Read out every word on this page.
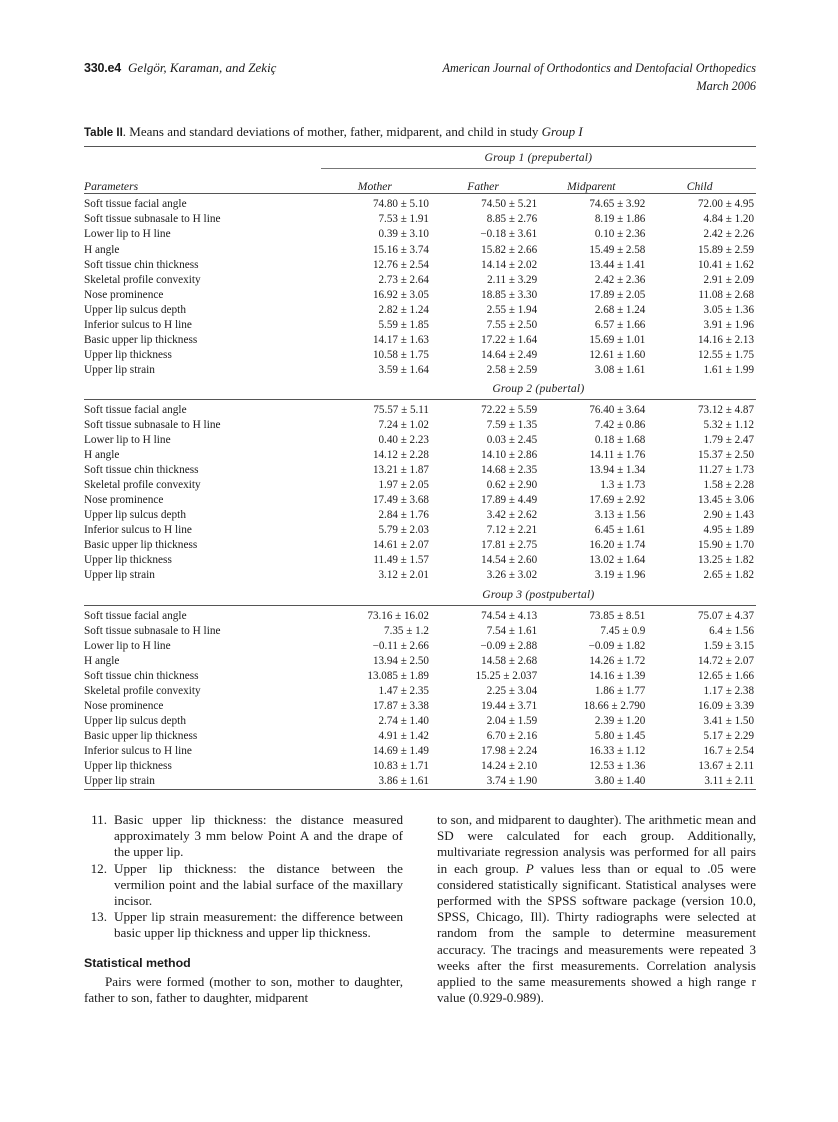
330.e4 Gelgör, Karaman, and Zekiç	American Journal of Orthodontics and Dentofacial Orthopedics
March 2006
Table II. Means and standard deviations of mother, father, midparent, and child in study Group I
	Group 1 (prepubertal)			
Parameters	Mother	Father	Midparent	Child

Soft tissue facial angle	74.80 ± 5.10	74.50 ± 5.21	74.65 ± 3.92	72.00 ± 4.95
Soft tissue subnasale to H line	7.53 ± 1.91	8.85 ± 2.76	8.19 ± 1.86	4.84 ± 1.20
Lower lip to H line	0.39 ± 3.10	−0.18 ± 3.61	0.10 ± 2.36	2.42 ± 2.26
H angle	15.16 ± 3.74	15.82 ± 2.66	15.49 ± 2.58	15.89 ± 2.59
Soft tissue chin thickness	12.76 ± 2.54	14.14 ± 2.02	13.44 ± 1.41	10.41 ± 1.62
Skeletal profile convexity	2.73 ± 2.64	2.11 ± 3.29	2.42 ± 2.36	2.91 ± 2.09
Nose prominence	16.92 ± 3.05	18.85 ± 3.30	17.89 ± 2.05	11.08 ± 2.68
Upper lip sulcus depth	2.82 ± 1.24	2.55 ± 1.94	2.68 ± 1.24	3.05 ± 1.36
Inferior sulcus to H line	5.59 ± 1.85	7.55 ± 2.50	6.57 ± 1.66	3.91 ± 1.96
Basic upper lip thickness	14.17 ± 1.63	17.22 ± 1.64	15.69 ± 1.01	14.16 ± 2.13
Upper lip thickness	10.58 ± 1.75	14.64 ± 2.49	12.61 ± 1.60	12.55 ± 1.75
Upper lip strain	3.59 ± 1.64	2.58 ± 2.59	3.08 ± 1.61	1.61 ± 1.99
	Group 2 (pubertal)			

Soft tissue facial angle	75.57 ± 5.11	72.22 ± 5.59	76.40 ± 3.64	73.12 ± 4.87
Soft tissue subnasale to H line	7.24 ± 1.02	7.59 ± 1.35	7.42 ± 0.86	5.32 ± 1.12
Lower lip to H line	0.40 ± 2.23	0.03 ± 2.45	0.18 ± 1.68	1.79 ± 2.47
H angle	14.12 ± 2.28	14.10 ± 2.86	14.11 ± 1.76	15.37 ± 2.50
Soft tissue chin thickness	13.21 ± 1.87	14.68 ± 2.35	13.94 ± 1.34	11.27 ± 1.73
Skeletal profile convexity	1.97 ± 2.05	0.62 ± 2.90	1.3 ± 1.73	1.58 ± 2.28
Nose prominence	17.49 ± 3.68	17.89 ± 4.49	17.69 ± 2.92	13.45 ± 3.06
Upper lip sulcus depth	2.84 ± 1.76	3.42 ± 2.62	3.13 ± 1.56	2.90 ± 1.43
Inferior sulcus to H line	5.79 ± 2.03	7.12 ± 2.21	6.45 ± 1.61	4.95 ± 1.89
Basic upper lip thickness	14.61 ± 2.07	17.81 ± 2.75	16.20 ± 1.74	15.90 ± 1.70
Upper lip thickness	11.49 ± 1.57	14.54 ± 2.60	13.02 ± 1.64	13.25 ± 1.82
Upper lip strain	3.12 ± 2.01	3.26 ± 3.02	3.19 ± 1.96	2.65 ± 1.82
	Group 3 (postpubertal)			

Soft tissue facial angle	73.16 ± 16.02	74.54 ± 4.13	73.85 ± 8.51	75.07 ± 4.37
Soft tissue subnasale to H line	7.35 ± 1.2	7.54 ± 1.61	7.45 ± 0.9	6.4 ± 1.56
Lower lip to H line	−0.11 ± 2.66	−0.09 ± 2.88	−0.09 ± 1.82	1.59 ± 3.15
H angle	13.94 ± 2.50	14.58 ± 2.68	14.26 ± 1.72	14.72 ± 2.07
Soft tissue chin thickness	13.085 ± 1.89	15.25 ± 2.037	14.16 ± 1.39	12.65 ± 1.66
Skeletal profile convexity	1.47 ± 2.35	2.25 ± 3.04	1.86 ± 1.77	1.17 ± 2.38
Nose prominence	17.87 ± 3.38	19.44 ± 3.71	18.66 ± 2.790	16.09 ± 3.39
Upper lip sulcus depth	2.74 ± 1.40	2.04 ± 1.59	2.39 ± 1.20	3.41 ± 1.50
Basic upper lip thickness	4.91 ± 1.42	6.70 ± 2.16	5.80 ± 1.45	5.17 ± 2.29
Inferior sulcus to H line	14.69 ± 1.49	17.98 ± 2.24	16.33 ± 1.12	16.7 ± 2.54
Upper lip thickness	10.83 ± 1.71	14.24 ± 2.10	12.53 ± 1.36	13.67 ± 2.11
Upper lip strain	3.86 ± 1.61	3.74 ± 1.90	3.80 ± 1.40	3.11 ± 2.11

11. Basic upper lip thickness: the distance measured approximately 3 mm below Point A and the drape of the upper lip.
12. Upper lip thickness: the distance between the vermilion point and the labial surface of the maxillary incisor.
13. Upper lip strain measurement: the difference between basic upper lip thickness and upper lip thickness.
Statistical method

Pairs were formed (mother to son, mother to daughter, father to son, father to daughter, midparent

to son, and midparent to daughter). The arithmetic mean and SD were calculated for each group. Additionally, multivariate regression analysis was performed for all pairs in each group. P values less than or equal to .05 were considered statistically significant. Statistical analyses were performed with the SPSS software package (version 10.0, SPSS, Chicago, Ill). Thirty radiographs were selected at random from the sample to determine measurement accuracy. The tracings and measurements were repeated 3 weeks after the first measurements. Correlation analysis applied to the same measurements showed a high range r value (0.929-0.989).
